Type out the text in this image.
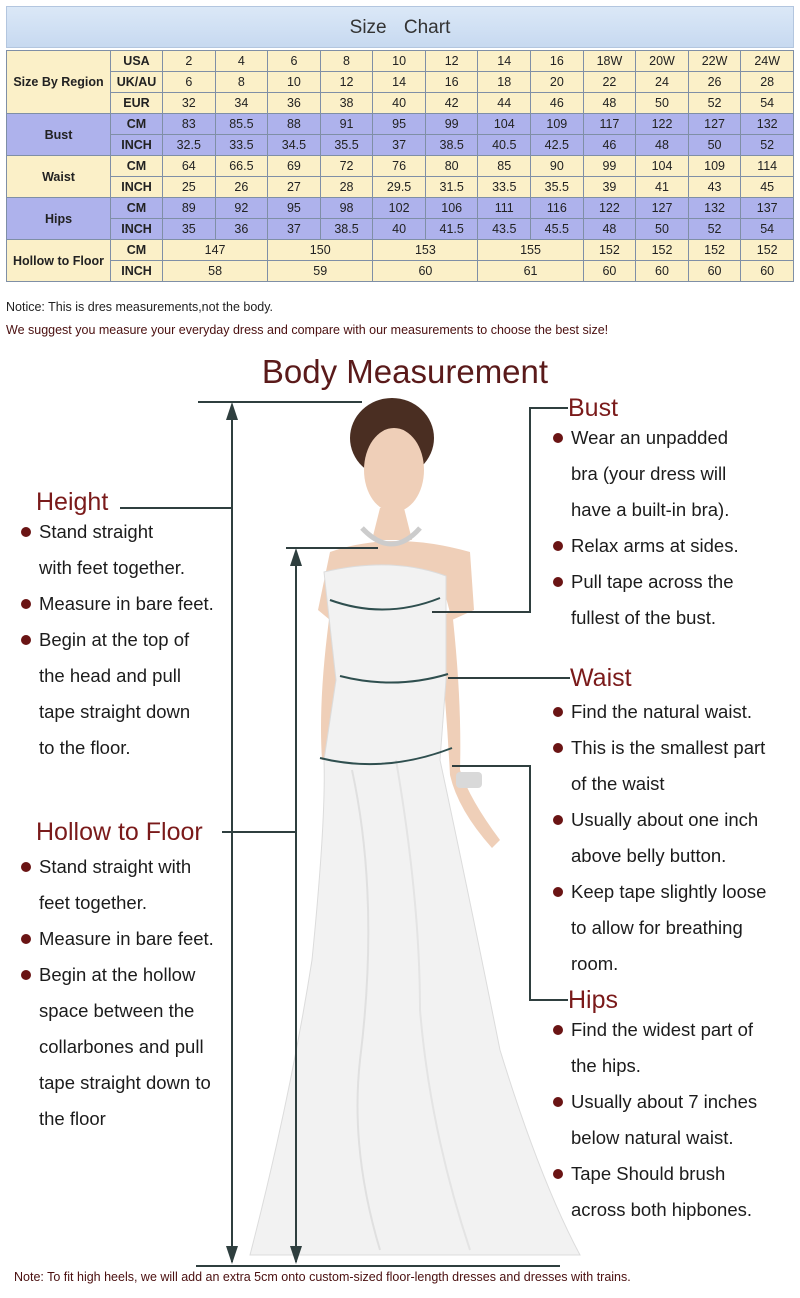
Size Chart
Size By Region	USA	2	4	6	8	10	12	14	16	18W	20W	22W	24W
	UK/AU	6	8	10	12	14	16	18	20	22	24	26	28
	EUR	32	34	36	38	40	42	44	46	48	50	52	54
Bust	CM	83	85.5	88	91	95	99	104	109	117	122	127	132
	INCH	32.5	33.5	34.5	35.5	37	38.5	40.5	42.5	46	48	50	52
Waist	CM	64	66.5	69	72	76	80	85	90	99	104	109	114
	INCH	25	26	27	28	29.5	31.5	33.5	35.5	39	41	43	45
Hips	CM	89	92	95	98	102	106	111	116	122	127	132	137
	INCH	35	36	37	38.5	40	41.5	43.5	45.5	48	50	52	54
Hollow to Floor	CM	147		150		153		155		152	152	152	152
	INCH	58		59		60		61		60	60	60	60
Notice: This is dres measurements,not the body.
We suggest you measure your everyday dress and compare with our measurements to choose the best size!
Body Measurement
Height
Stand straight
with feet together.
Measure in bare feet.
Begin at the top of
the head and pull
tape straight down
to the floor.
Hollow to Floor
Stand straight with
feet together.
Measure in bare feet.
Begin at the hollow
space between the
collarbones and pull
tape straight down to
the floor
Bust
Wear an unpadded
bra (your dress will
have a built-in bra).
Relax arms at sides.
Pull tape across the
fullest of the bust.
Waist
Find the natural waist.
This is the smallest part
of the waist
Usually about one inch
above belly button.
Keep tape slightly loose
to allow for breathing
room.
Hips
Find the widest part of
the hips.
Usually about 7 inches
below natural waist.
Tape Should brush
across both hipbones.
Note: To fit high heels, we will add an extra 5cm onto custom-sized floor-length dresses and dresses with trains.
